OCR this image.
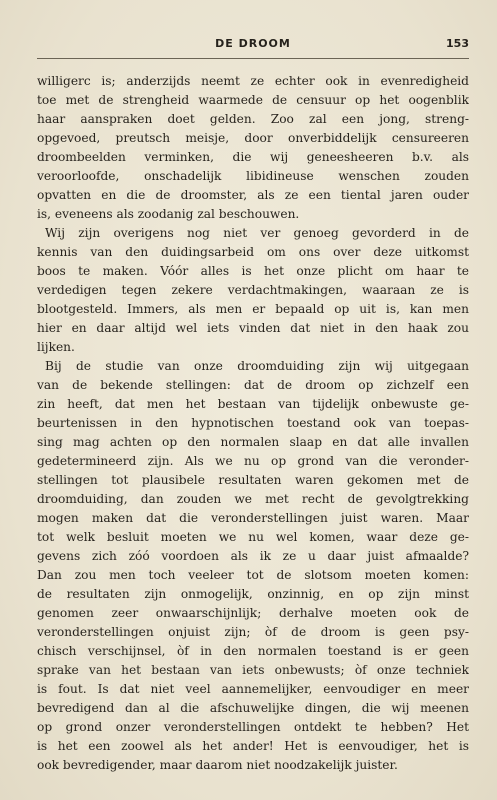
DE DROOM	153
willigerc is; anderzijds neemt ze echter ook in evenredigheid
toe met de strengheid waarmede de censuur op het oogenblik
haar aanspraken doet gelden. Zoo zal een jong, streng-
opgevoed, preutsch meisje, door onverbiddelijk censureeren
droombeelden verminken, die wij geneesheeren b.v. als
veroorloofde, onschadelijk libidineuse wenschen zouden
opvatten en die de droomster, als ze een tiental jaren ouder
is, eveneens als zoodanig zal beschouwen.
Wij zijn overigens nog niet ver genoeg gevorderd in de
kennis van den duidingsarbeid om ons over deze uitkomst
boos te maken. Vóór alles is het onze plicht om haar te
verdedigen tegen zekere verdachtmakingen, waaraan ze is
blootgesteld. Immers, als men er bepaald op uit is, kan men
hier en daar altijd wel iets vinden dat niet in den haak zou
lijken.
Bij de studie van onze droomduiding zijn wij uitgegaan
van de bekende stellingen: dat de droom op zichzelf een
zin heeft, dat men het bestaan van tijdelijk onbewuste ge-
beurtenissen in den hypnotischen toestand ook van toepas-
sing mag achten op den normalen slaap en dat alle invallen
gedetermineerd zijn. Als we nu op grond van die veronder-
stellingen tot plausibele resultaten waren gekomen met de
droomduiding, dan zouden we met recht de gevolgtrekking
mogen maken dat die veronderstellingen juist waren. Maar
tot welk besluit moeten we nu wel komen, waar deze ge-
gevens zich zóó voordoen als ik ze u daar juist afmaalde?
Dan zou men toch veeleer tot de slotsom moeten komen:
de resultaten zijn onmogelijk, onzinnig, en op zijn minst
genomen zeer onwaarschijnlijk; derhalve moeten ook de
veronderstellingen onjuist zijn; òf de droom is geen psy-
chisch verschijnsel, òf in den normalen toestand is er geen
sprake van het bestaan van iets onbewusts; òf onze techniek
is fout. Is dat niet veel aannemelijker, eenvoudiger en meer
bevredigend dan al die afschuwelijke dingen, die wij meenen
op grond onzer veronderstellingen ontdekt te hebben? Het
is het een zoowel als het ander! Het is eenvoudiger, het is
ook bevredigender, maar daarom niet noodzakelijk juister.
